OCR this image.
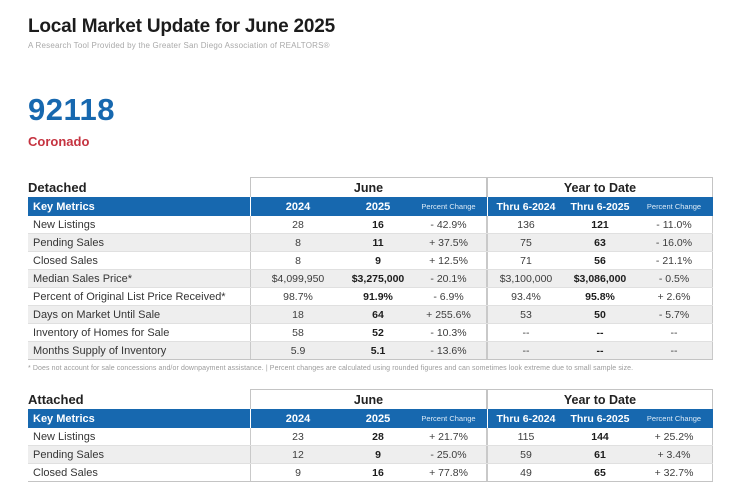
Local Market Update for June 2025
A Research Tool Provided by the Greater San Diego Association of REALTORS®
92118
Coronado
Detached	June	Year to Date
Key Metrics	2024	2025	Percent Change	Thru 6-2024	Thru 6-2025	Percent Change
New Listings	28	16	- 42.9%	136	121	- 11.0%
Pending Sales	8	11	+ 37.5%	75	63	- 16.0%
Closed Sales	8	9	+ 12.5%	71	56	- 21.1%
Median Sales Price*	$4,099,950	$3,275,000	- 20.1%	$3,100,000	$3,086,000	- 0.5%
Percent of Original List Price Received*	98.7%	91.9%	- 6.9%	93.4%	95.8%	+ 2.6%
Days on Market Until Sale	18	64	+ 255.6%	53	50	- 5.7%
Inventory of Homes for Sale	58	52	- 10.3%	--	--	--
Months Supply of Inventory	5.9	5.1	- 13.6%	--	--	--

* Does not account for sale concessions and/or downpayment assistance. | Percent changes are calculated using rounded figures and can sometimes look extreme due to small sample size.

Attached	June	Year to Date
Key Metrics	2024	2025	Percent Change	Thru 6-2024	Thru 6-2025	Percent Change
New Listings	23	28	+ 21.7%	115	144	+ 25.2%
Pending Sales	12	9	- 25.0%	59	61	+ 3.4%
Closed Sales	9	16	+ 77.8%	49	65	+ 32.7%
